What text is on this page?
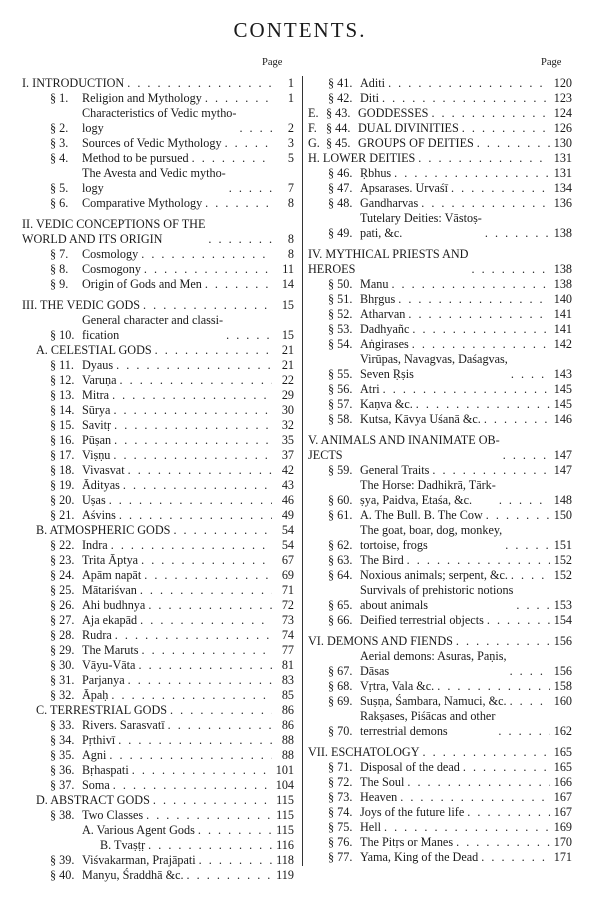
CONTENTS.
Page	Page
I. INTRODUCTION . . .	1
§ 1.	Religion and Mythology . . .	1
§ 2.
Characteristics of Vedic mytho-
logy . . .	2
§ 3.	Sources of Vedic Mythology . . .	3
§ 4.	Method to be pursued . . .	5
§ 5.
The Avesta and Vedic mytho-
logy . . .	7
§ 6.	Comparative Mythology . . .	8
II. VEDIC CONCEPTIONS OF THE
WORLD AND ITS ORIGIN . . .	8
§ 7.	Cosmology . . .	8
§ 8.	Cosmogony . . .	11
§ 9.	Origin of Gods and Men . . .	14
III. THE VEDIC GODS . . .	15
§ 10.
General character and classi-
fication . . .	15
A. CELESTIAL GODS . . .	21
§ 11. Dyaus . . .	21
§ 12. Varuṇa . . .	22
§ 13. Mitra . . .	29
§ 14. Sūrya . . .	30
§ 15. Savitṛ . . .	32
§ 16. Pūṣan . . .	35
§ 17. Viṣṇu . . .	37
§ 18. Vivasvat . . .	42
§ 19. Ādityas . . .	43
§ 20. Uṣas . . .	46
§ 21. Aśvins . . .	49
B. ATMOSPHERIC GODS . . .	54
§ 22. Indra . . .	54
§ 23. Trita Āptya . . .	67
§ 24. Apām napāt . . .	69
§ 25. Mātariśvan . . .	71
§ 26. Ahi budhnya . . .	72
§ 27. Aja ekapād . . .	73
§ 28. Rudra . . .	74
§ 29. The Maruts . . .	77
§ 30. Vāyu-Vāta . . .	81
§ 31. Parjanya . . .	83
§ 32. Āpaḥ . . .	85
C. TERRESTRIAL GODS . . .	86
§ 33. Rivers. Sarasvatī . . .	86
§ 34. Pṛthivī . . .	88
§ 35. Agni . . .	88
§ 36. Bṛhaspati . . .	101
§ 37. Soma . . .	104
D. ABSTRACT GODS . . .	115
§ 38. Two Classes . . .	115
A. Various Agent Gods . . .	115
B. Tvaṣṭṛ . . .	116
§ 39. Viśvakarman, Prajāpati . . .	118
§ 40. Manyu, Śraddhā &c. . . .	119
§ 41. Aditi . . .	120
§ 42. Diti . . .	123
E. § 43. GODDESSES . . .	124
F. § 44. DUAL DIVINITIES . . .	126
G. § 45. GROUPS OF DEITIES . . .	130
H. LOWER DEITIES . . .	131
§ 46. Ṛbhus . . .	131
§ 47. Apsarases. Urvaśī . . .	134
§ 48. Gandharvas . . .	136
§ 49.
Tutelary Deities: Vāstoṣ-
pati, &c. . . .	138
IV. MYTHICAL PRIESTS AND
HEROES . . .	138
§ 50. Manu . . .	138
§ 51. Bhṛgus . . .	140
§ 52. Atharvan . . .	141
§ 53. Dadhyañc . . .	141
§ 54. Aṅgirases . . .	142
§ 55.
Virūpas, Navagvas, Daśagvas,
Seven Ṛṣis . . .	143
§ 56. Atri . . .	145
§ 57. Kaṇva &c. . . .	145
§ 58. Kutsa, Kāvya Uśanā &c. . . .	146
V. ANIMALS AND INANIMATE OB-
JECTS . . .	147
§ 59. General Traits . . .	147
§ 60.
The Horse: Dadhikrā, Tārk-
ṣya, Paidva, Etaśa, &c. . . .	148
§ 61. A. The Bull. B. The Cow . . .	150
§ 62.
The goat, boar, dog, monkey,
tortoise, frogs . . .	151
§ 63. The Bird . . .	152
§ 64. Noxious animals; serpent, &c. . . .	152
§ 65.
Survivals of prehistoric notions
about animals . . .	153
§ 66. Deified terrestrial objects . . .	154
VI. DEMONS AND FIENDS . . .	156
§ 67.
Aerial demons: Asuras, Paṇis,
Dāsas . . .	156
§ 68. Vṛtra, Vala &c. . . .	158
§ 69. Suṣṇa, Śambara, Namuci, &c. . . .	160
§ 70.
Rakṣases, Piśācas and other
terrestrial demons . . .	162
VII. ESCHATOLOGY . . .	165
§ 71. Disposal of the dead . . .	165
§ 72. The Soul . . .	166
§ 73. Heaven . . .	167
§ 74. Joys of the future life . . .	167
§ 75. Hell . . .	169
§ 76. The Pitṛs or Manes . . .	170
§ 77. Yama, King of the Dead . . .	171
